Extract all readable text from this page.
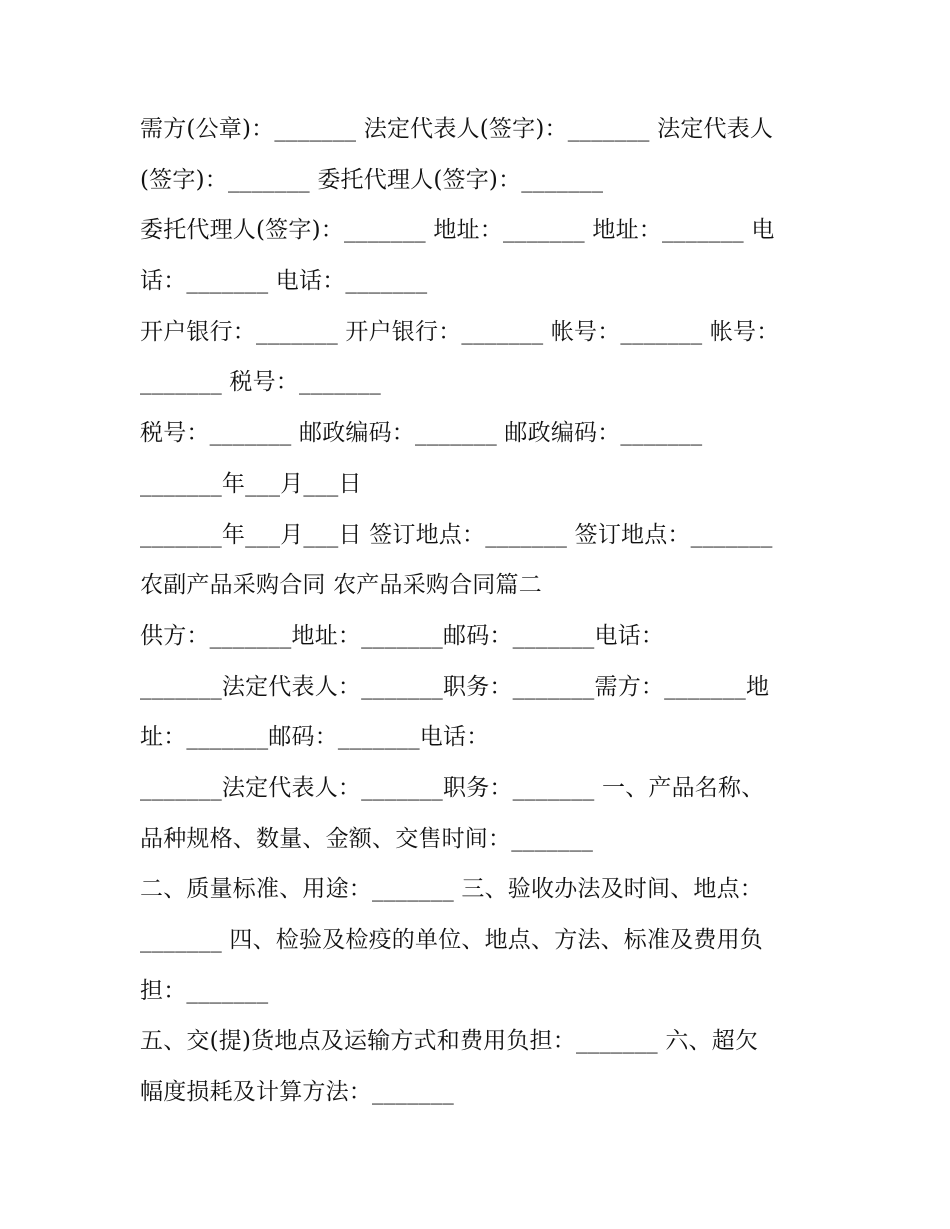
需方(公章)：_______ 法定代表人(签字)：_______ 法定代表人
(签字)：_______ 委托代理人(签字)：_______
委托代理人(签字)：_______ 地址：_______ 地址：_______ 电
话：_______ 电话：_______
开户银行：_______ 开户银行：_______ 帐号：_______ 帐号：
_______ 税号：_______
税号：_______ 邮政编码：_______ 邮政编码：_______
_______年___月___日
_______年___月___日 签订地点：_______ 签订地点：_______
农副产品采购合同 农产品采购合同篇二
供方：_______地址：_______邮码：_______电话：
_______法定代表人：_______职务：_______需方：_______地
址：_______邮码：_______电话：
_______法定代表人：_______职务：_______ 一、产品名称、
品种规格、数量、金额、交售时间：_______
二、质量标准、用途：_______ 三、验收办法及时间、地点：
_______ 四、检验及检疫的单位、地点、方法、标准及费用负
担：_______
五、交(提)货地点及运输方式和费用负担：_______ 六、超欠
幅度损耗及计算方法：_______
